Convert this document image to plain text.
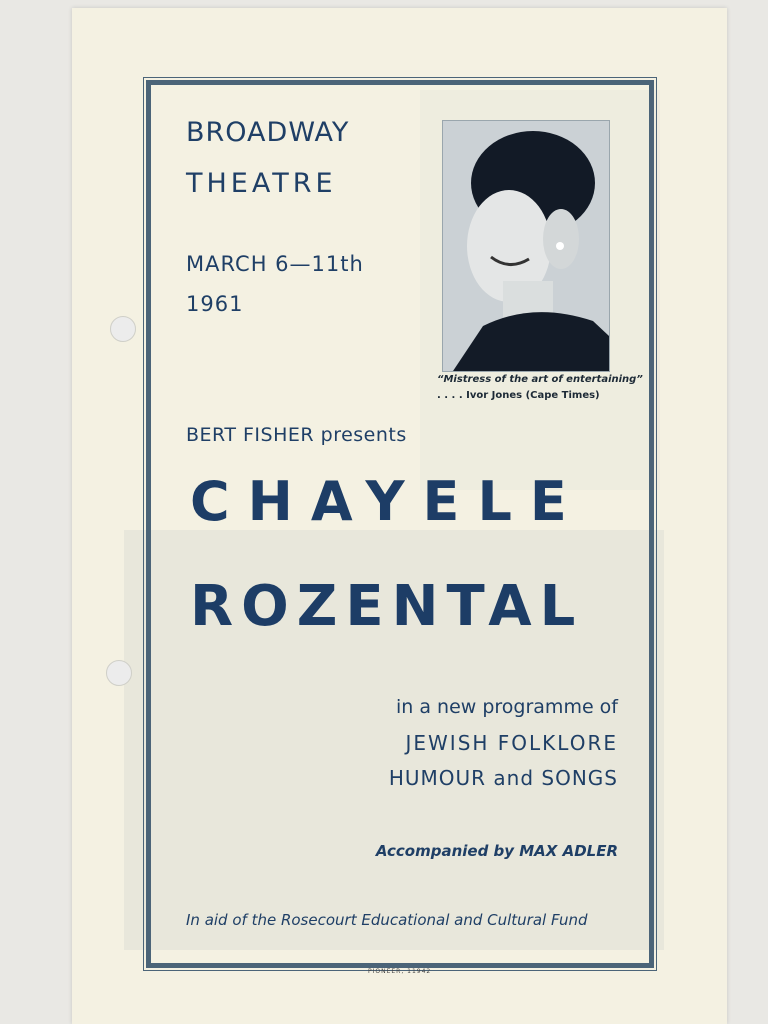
BROADWAY
THEATRE
MARCH 6—11th
1961
“Mistress of the art of entertaining”
. . . . Ivor Jones (Cape Times)
BERT FISHER presents
CHAYELE
ROZENTAL
in a new programme of
JEWISH FOLKLORE
HUMOUR and SONGS
Accompanied by MAX ADLER
In aid of the Rosecourt Educational and Cultural Fund
PIONEER, 11942
